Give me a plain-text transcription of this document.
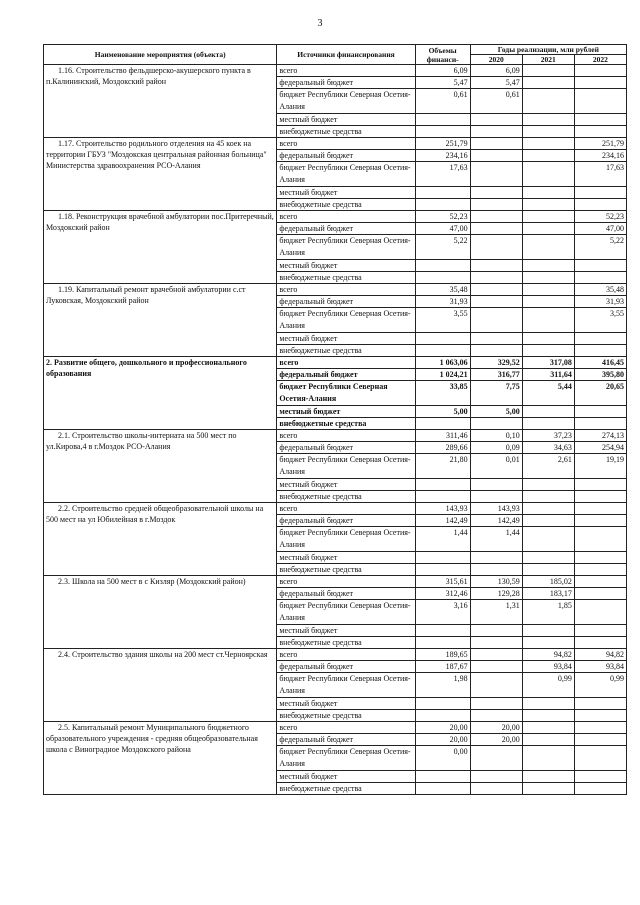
3
Наименование мероприятия (объекта)	Источники финансирования	Объемы финанси-	Годы реализации, млн рублей		
			2020	2021	2022
1.16. Строительство фельдшерско-акушерского пункта в п.Калининский, Моздокский район	всего	6,09	6,09		
	федеральный бюджет	5,47	5,47		
	бюджет Республики Северная Осетия-Алания	0,61	0,61		
	местный бюджет				
	внебюджетные средства				
1.17. Строительство родильного отделения на 45 коек на территории ГБУЗ "Моздокская центральная районная больница" Министерства здравоохранения РСО-Алания	всего	251,79			251,79
	федеральный бюджет	234,16			234,16
	бюджет Республики Северная Осетия-Алания	17,63			17,63
	местный бюджет				
	внебюджетные средства				
1.18. Реконструкция врачебной амбулатории пос.Притеречный, Моздокский район	всего	52,23			52,23
	федеральный бюджет	47,00			47,00
	бюджет Республики Северная Осетия-Алания	5,22			5,22
	местный бюджет				
	внебюджетные средства				
1.19. Капитальный ремонт врачебной амбулатории с.ст Луковская, Моздокский район	всего	35,48			35,48
	федеральный бюджет	31,93			31,93
	бюджет Республики Северная Осетия-Алания	3,55			3,55
	местный бюджет				
	внебюджетные средства				
2. Развитие общего, дошкольного и профессионального образования	всего	1 063,06	329,52	317,08	416,45
	федеральный бюджет	1 024,21	316,77	311,64	395,80
	бюджет Республики Северная Осетия-Алания	33,85	7,75	5,44	20,65
	местный бюджет	5,00	5,00		
	внебюджетные средства				
2.1. Строительство школы-интерната на 500 мест по ул.Кирова,4 в г.Моздок РСО-Алания	всего	311,46	0,10	37,23	274,13
	федеральный бюджет	289,66	0,09	34,63	254,94
	бюджет Республики Северная Осетия-Алания	21,80	0,01	2,61	19,19
	местный бюджет				
	внебюджетные средства				
2.2. Строительство средней общеобразовательной школы на 500 мест на ул Юбилейная в г.Моздок	всего	143,93	143,93		
	федеральный бюджет	142,49	142,49		
	бюджет Республики Северная Осетия-Алания	1,44	1,44		
	местный бюджет				
	внебюджетные средства				
2.3. Школа на 500 мест в с Кизляр (Моздокский район)	всего	315,61	130,59	185,02	
	федеральный бюджет	312,46	129,28	183,17	
	бюджет Республики Северная Осетия-Алания	3,16	1,31	1,85	
	местный бюджет				
	внебюджетные средства				
2.4. Строительство здания школы на 200 мест ст.Черноярская	всего	189,65		94,82	94,82
	федеральный бюджет	187,67		93,84	93,84
	бюджет Республики Северная Осетия-Алания	1,98		0,99	0,99
	местный бюджет				
	внебюджетные средства				
2.5. Капитальный ремонт Муниципального бюджетного образовательного учреждения - средняя общеобразовательная школа с Виноградное Моздокского района	всего	20,00	20,00		
	федеральный бюджет	20,00	20,00		
	бюджет Республики Северная Осетия-Алания	0,00			
	местный бюджет				
	внебюджетные средства				
